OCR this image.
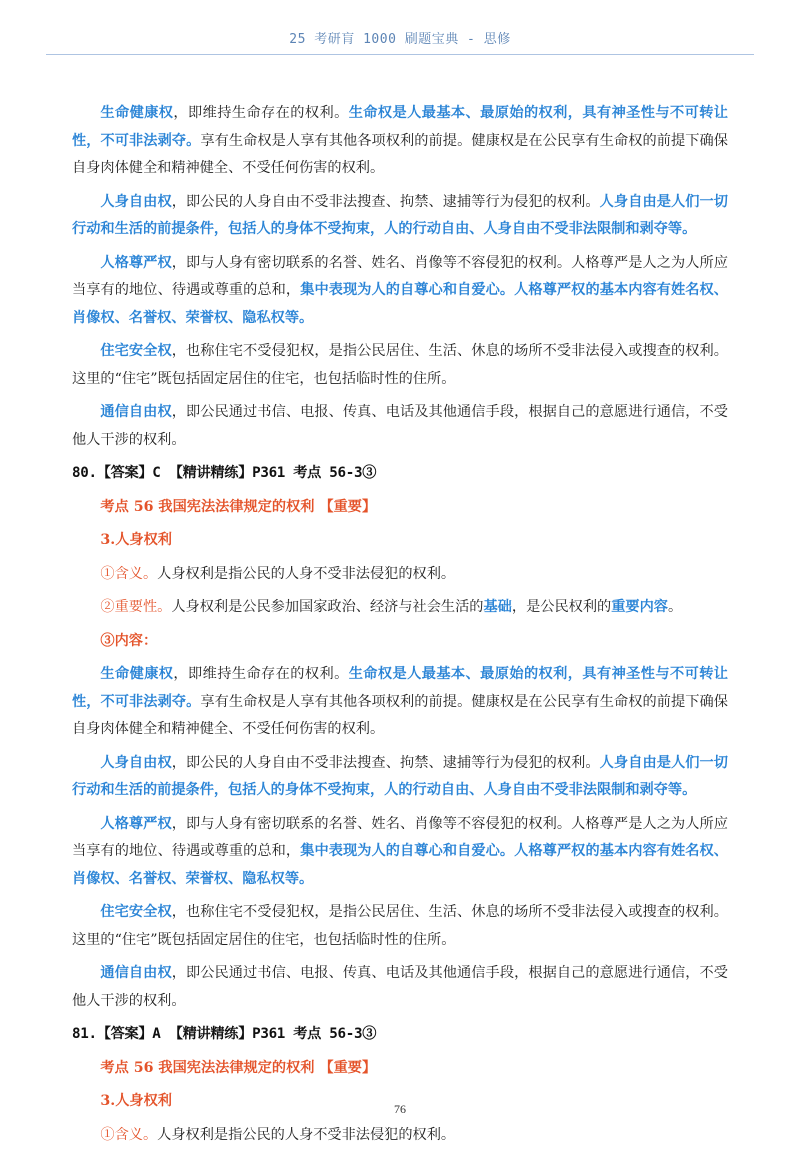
25 考研肓 1000 刷题宝典 - 思修

生命健康权，即维持生命存在的权利。生命权是人最基本、最原始的权利，具有神圣性与不可转让性，不可非法剥夺。享有生命权是人享有其他各项权利的前提。健康权是在公民享有生命权的前提下确保自身肉体健全和精神健全、不受任何伤害的权利。

人身自由权，即公民的人身自由不受非法搜查、拘禁、逮捕等行为侵犯的权利。人身自由是人们一切行动和生活的前提条件，包括人的身体不受拘束，人的行动自由、人身自由不受非法限制和剥夺等。

人格尊严权，即与人身有密切联系的名誉、姓名、肖像等不容侵犯的权利。人格尊严是人之为人所应当享有的地位、待遇或尊重的总和，集中表现为人的自尊心和自爱心。人格尊严权的基本内容有姓名权、肖像权、名誉权、荣誉权、隐私权等。

住宅安全权，也称住宅不受侵犯权，是指公民居住、生活、休息的场所不受非法侵入或搜查的权利。这里的“住宅”既包括固定居住的住宅，也包括临时性的住所。

通信自由权，即公民通过书信、电报、传真、电话及其他通信手段，根据自己的意愿进行通信，不受他人干涉的权利。

80.【答案】C 【精讲精练】P361 考点 56-3③

考点 56 我国宪法法律规定的权利 【重要】

3.人身权利

①含义。人身权利是指公民的人身不受非法侵犯的权利。

②重要性。人身权利是公民参加国家政治、经济与社会生活的基础，是公民权利的重要内容。

③内容：

生命健康权，即维持生命存在的权利。生命权是人最基本、最原始的权利，具有神圣性与不可转让性，不可非法剥夺。享有生命权是人享有其他各项权利的前提。健康权是在公民享有生命权的前提下确保自身肉体健全和精神健全、不受任何伤害的权利。

人身自由权，即公民的人身自由不受非法搜查、拘禁、逮捕等行为侵犯的权利。人身自由是人们一切行动和生活的前提条件，包括人的身体不受拘束，人的行动自由、人身自由不受非法限制和剥夺等。

人格尊严权，即与人身有密切联系的名誉、姓名、肖像等不容侵犯的权利。人格尊严是人之为人所应当享有的地位、待遇或尊重的总和，集中表现为人的自尊心和自爱心。人格尊严权的基本内容有姓名权、肖像权、名誉权、荣誉权、隐私权等。

住宅安全权，也称住宅不受侵犯权，是指公民居住、生活、休息的场所不受非法侵入或搜查的权利。这里的“住宅”既包括固定居住的住宅，也包括临时性的住所。

通信自由权，即公民通过书信、电报、传真、电话及其他通信手段，根据自己的意愿进行通信，不受他人干涉的权利。

81.【答案】A 【精讲精练】P361 考点 56-3③

考点 56 我国宪法法律规定的权利 【重要】

3.人身权利

①含义。人身权利是指公民的人身不受非法侵犯的权利。

76
